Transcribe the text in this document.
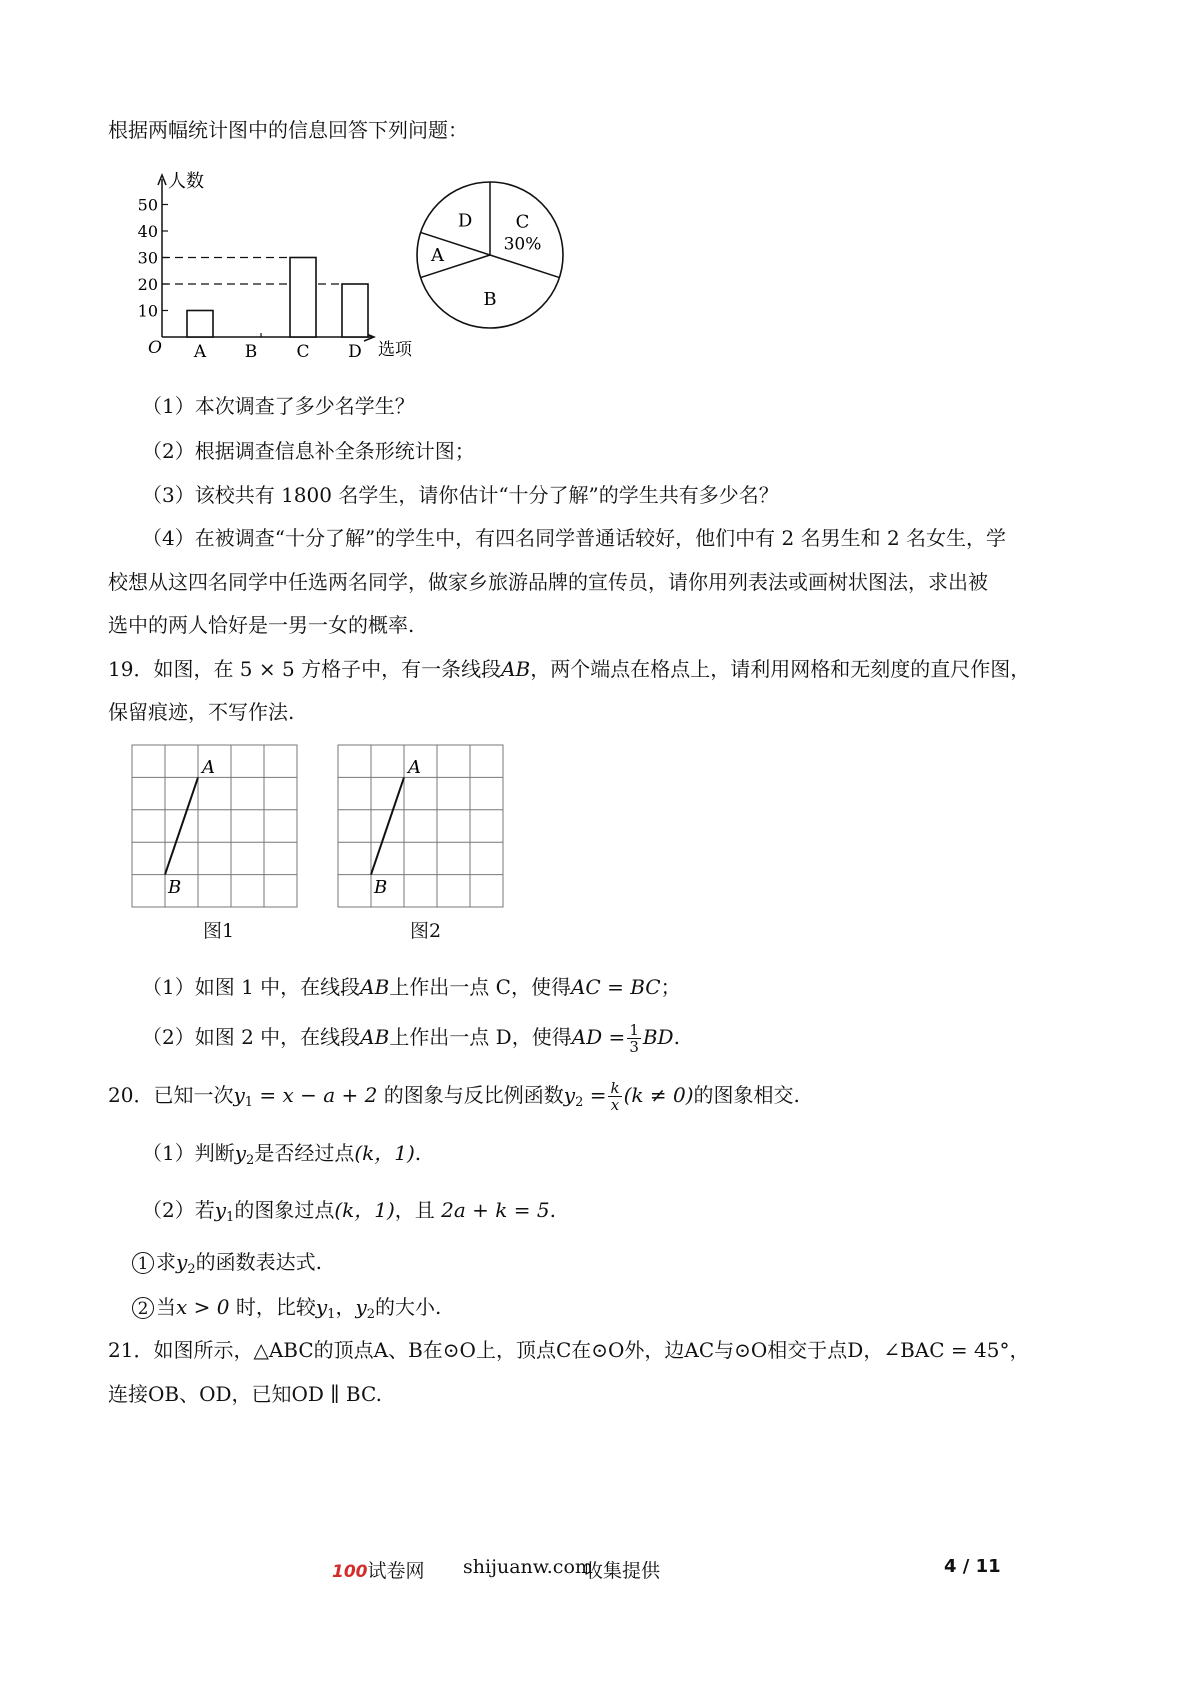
根据两幅统计图中的信息回答下列问题：
人数
选项
O
10
20
30
40
50
A B C D
C
30%
B
A
D
（1）本次调查了多少名学生？
（2）根据调查信息补全条形统计图；
（3）该校共有 1800 名学生，请你估计“十分了解”的学生共有多少名？
（4）在被调查“十分了解”的学生中，有四名同学普通话较好，他们中有 2 名男生和 2 名女生，学
校想从这四名同学中任选两名同学，做家乡旅游品牌的宣传员，请你用列表法或画树状图法，求出被
选中的两人恰好是一男一女的概率.
19．如图，在 5 × 5 方格子中，有一条线段AB，两个端点在格点上，请利用网格和无刻度的直尺作图，
保留痕迹，不写作法.
A
B
图1
A
B
图2
（1）如图 1 中，在线段AB上作出一点 C，使得AC = BC；
（2）如图 2 中，在线段AB上作出一点 D，使得AD = $\frac{1}{3}$ BD.
20．已知一次$y_1 = x - a + 2$ 的图象与反比例函数$y_2 = \frac{k}{x} (k \ne 0)$的图象相交.
（1）判断$y_2$是否经过点(k，1).
（2）若$y_1$的图象过点(k，1)，且 2a + k = 5.
1 求$y_2$的函数表达式.
2 当x > 0 时，比较$y_1$，$y_2$的大小.
21．如图所示，△ABC的顶点A、B在⊙O上，顶点C在⊙O外，边AC与⊙O相交于点D，∠BAC = 45°，
连接OB、OD，已知OD ∥ BC.
100试卷网 shijuanw.com
收集提供	4 / 11
